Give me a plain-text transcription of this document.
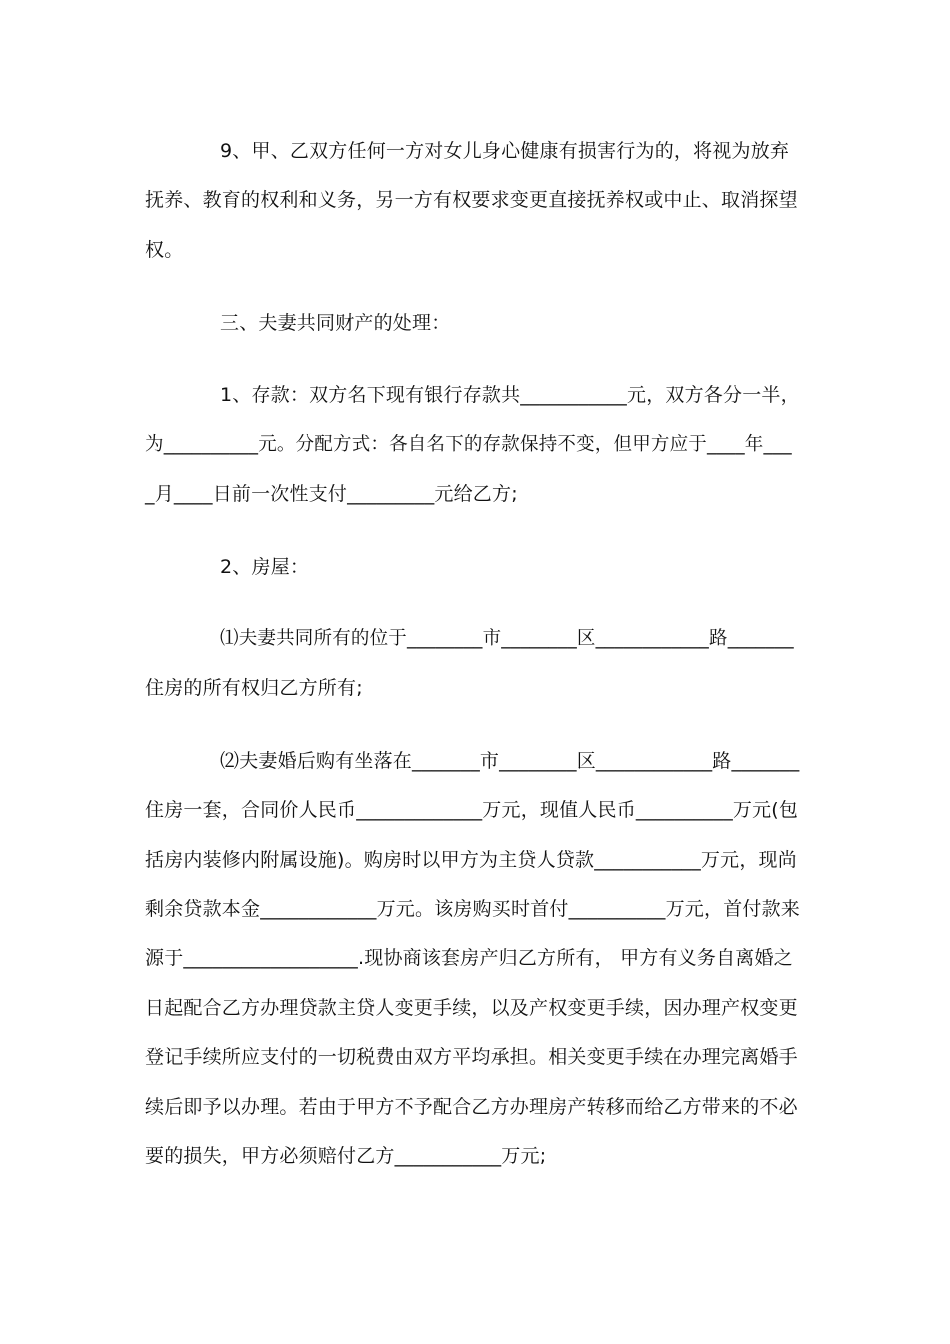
9、甲、乙双方任何一方对女儿身心健康有损害行为的，将视为放弃
抚养、教育的权利和义务，另一方有权要求变更直接抚养权或中止、取消探望
权。
三、夫妻共同财产的处理：
1、存款：双方名下现有银行存款共___________元，双方各分一半，
为__________元。分配方式：各自名下的存款保持不变，但甲方应于____年___
_月____日前一次性支付_________元给乙方;
2、房屋：
⑴夫妻共同所有的位于________市________区____________路_______
住房的所有权归乙方所有;
⑵夫妻婚后购有坐落在_______市________区____________路_______
住房一套，合同价人民币_____________万元，现值人民币__________万元(包
括房内装修内附属设施)。购房时以甲方为主贷人贷款___________万元，现尚
剩余贷款本金____________万元。该房购买时首付__________万元，首付款来
源于__________________.现协商该套房产归乙方所有， 甲方有义务自离婚之
日起配合乙方办理贷款主贷人变更手续，以及产权变更手续，因办理产权变更
登记手续所应支付的一切税费由双方平均承担。相关变更手续在办理完离婚手
续后即予以办理。若由于甲方不予配合乙方办理房产转移而给乙方带来的不必
要的损失，甲方必须赔付乙方___________万元;
